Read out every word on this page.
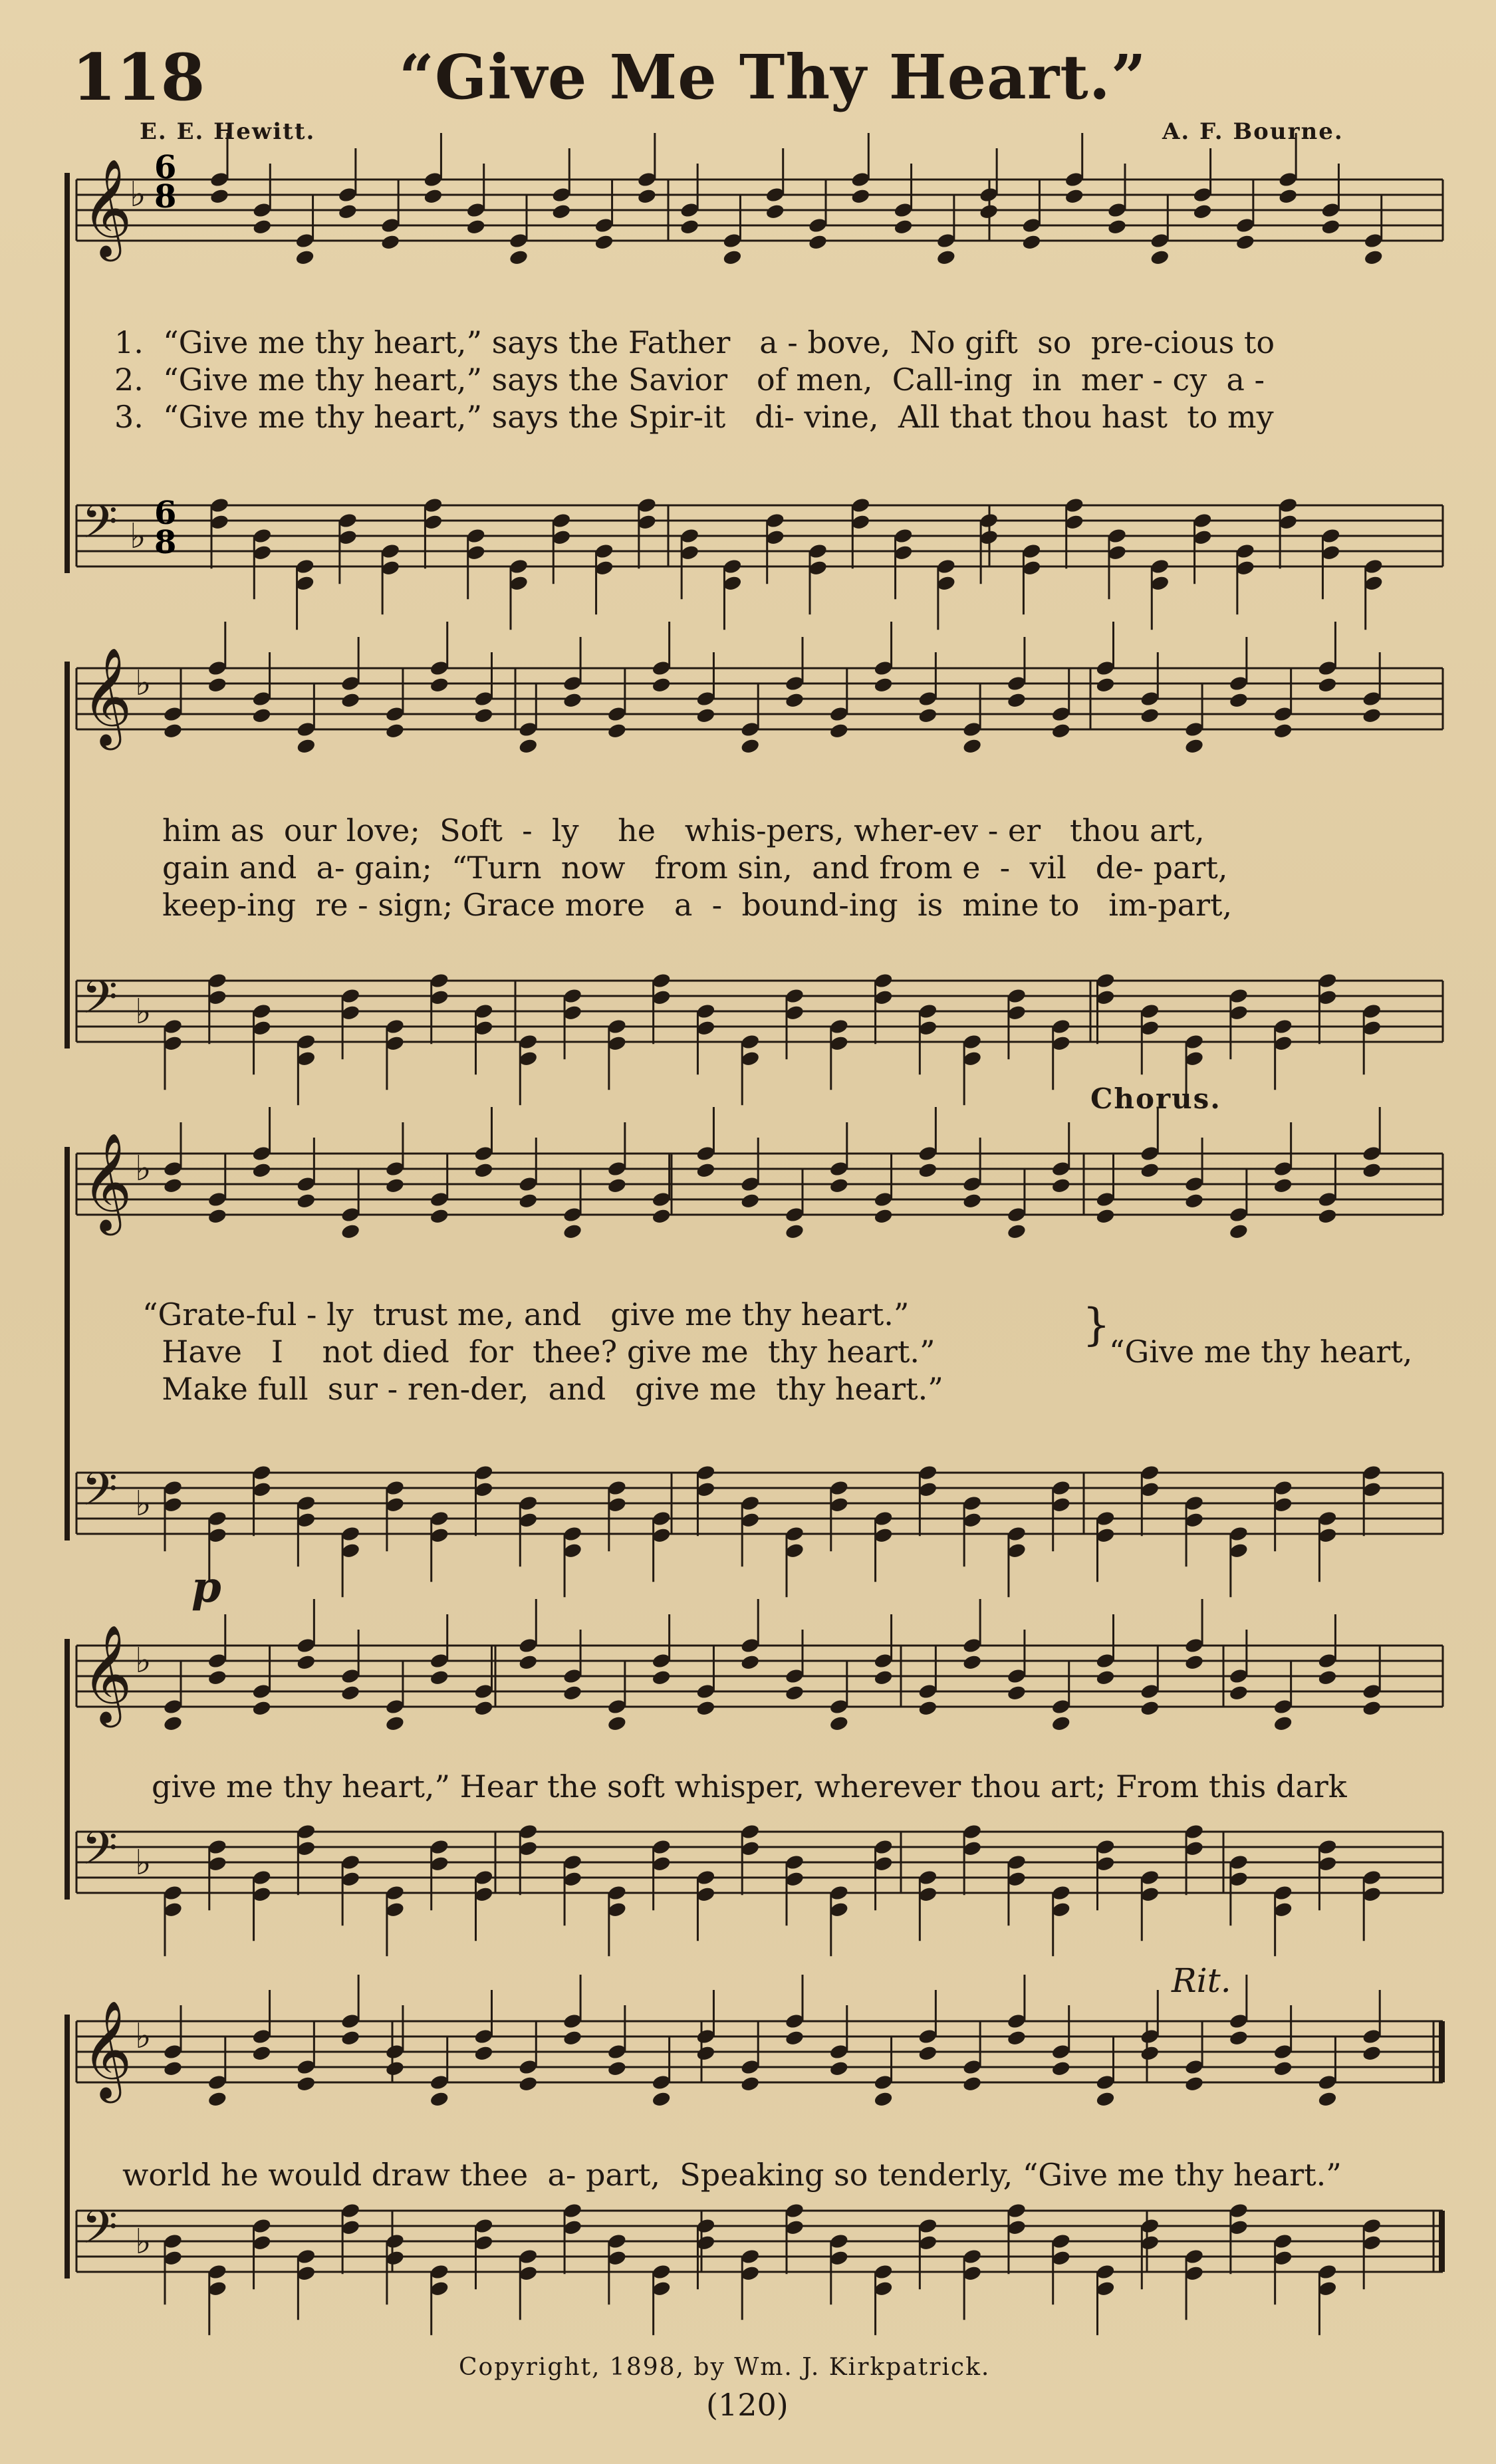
118	“Give Me Thy Heart.”
E. E. Hewitt.	A. F. Bourne.
𝄞
♭
𝄢 ♭
𝄞 ♭
𝄢 ♭
𝄞 ♭
𝄢 ♭
𝄞 ♭
𝄢 ♭
𝄞 ♭
𝄢 ♭
6 8
6 8
1.  “Give me thy heart,” says the Father   a - bove,  No gift  so  pre-cious to
2.  “Give me thy heart,” says the Savior   of men,  Call-ing  in  mer - cy  a -
3.  “Give me thy heart,” says the Spir-it   di- vine,  All that thou hast  to my
him as  our love;  Soft  -  ly    he   whis-pers, wher-ev - er   thou art,
gain and  a- gain;  “Turn  now   from sin,  and from e  -  vil   de- part,
keep-ing  re - sign; Grace more   a  -  bound-ing  is  mine to   im-part,
Chorus.
“Grate-ful - ly  trust me, and   give me thy heart.”
Have   I    not died  for  thee? give me  thy heart.”
Make full  sur - ren-der,  and   give me  thy heart.”
}
“Give me thy heart,
p
give me thy heart,” Hear the soft whisper, wherever thou art; From this dark
Rit.
world he would draw thee  a- part,  Speaking so tenderly, “Give me thy heart.”
Copyright, 1898, by Wm. J. Kirkpatrick.
(120)
